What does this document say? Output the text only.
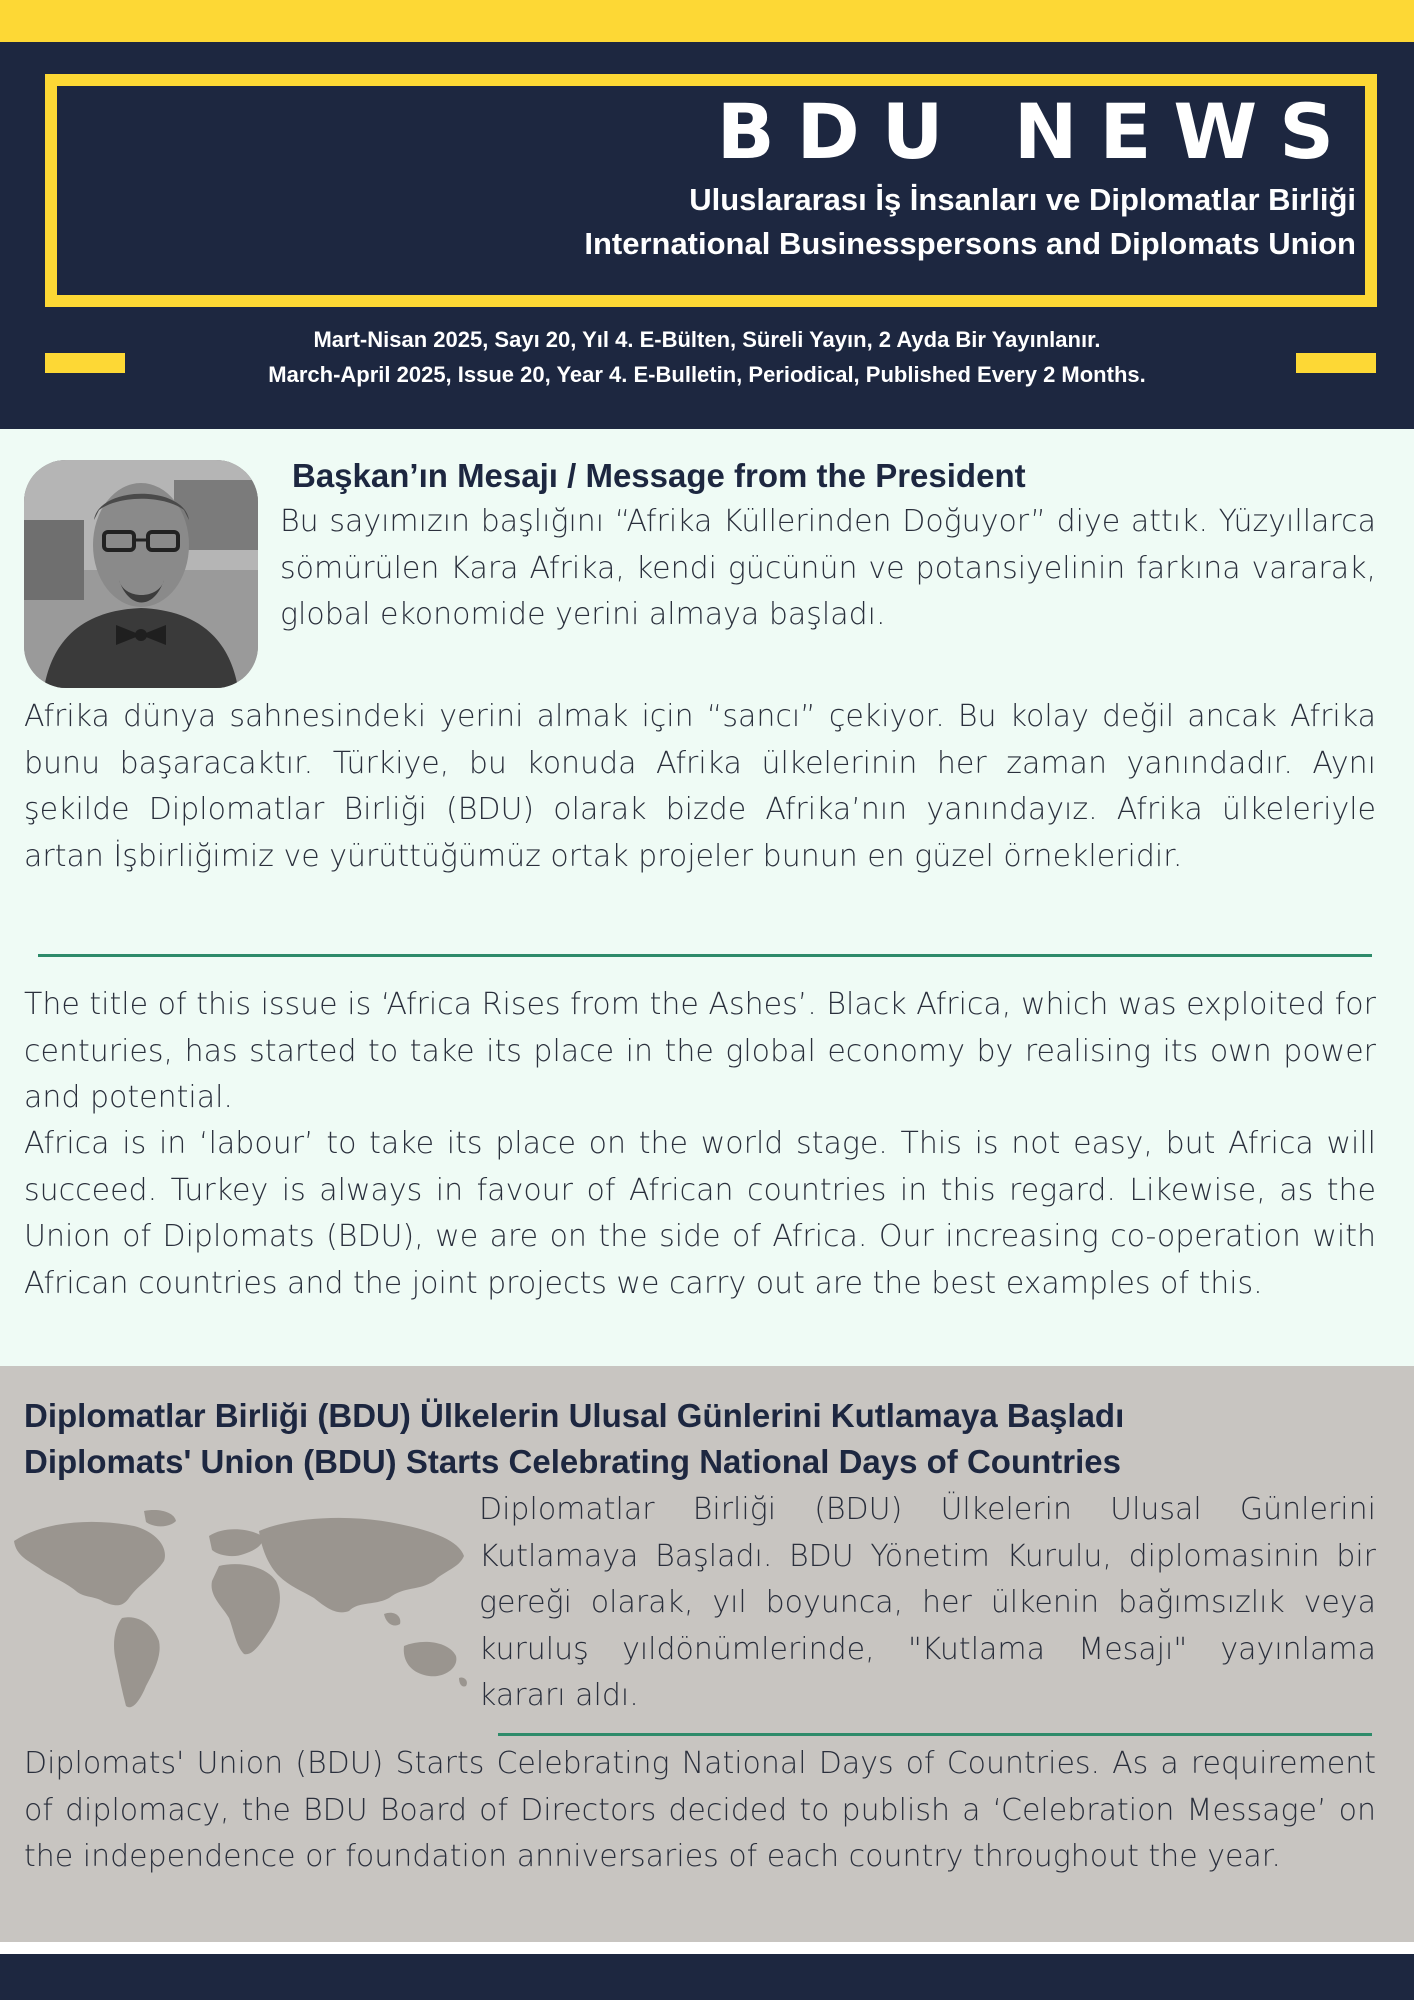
BDU NEWS
Uluslararası İş İnsanları ve Diplomatlar Birliği
International Businesspersons and Diplomats Union
Mart-Nisan 2025, Sayı 20, Yıl 4. E-Bülten, Süreli Yayın, 2 Ayda Bir Yayınlanır.
March-April 2025, Issue 20, Year 4. E-Bulletin, Periodical, Published Every 2 Months.
Başkan’ın Mesajı / Message from the President

Bu sayımızın başlığını “Afrika Küllerinden Doğuyor” diye attık. Yüzyıllarca sömürülen Kara Afrika, kendi gücünün ve potansiyelinin farkına vararak, global ekonomide yerini almaya başladı.

Afrika dünya sahnesindeki yerini almak için “sancı” çekiyor. Bu kolay değil ancak Afrika bunu başaracaktır. Türkiye, bu konuda Afrika ülkelerinin her zaman yanındadır. Aynı şekilde Diplomatlar Birliği (BDU) olarak bizde Afrika’nın yanındayız. Afrika ülkeleriyle artan İşbirliğimiz ve yürüttüğümüz ortak projeler bunun en güzel örnekleridir.

The title of this issue is ‘Africa Rises from the Ashes’. Black Africa, which was exploited for centuries, has started to take its place in the global economy by realising its own power and potential.

Africa is in ‘labour’ to take its place on the world stage. This is not easy, but Africa will succeed. Turkey is always in favour of African countries in this regard. Likewise, as the Union of Diplomats (BDU), we are on the side of Africa. Our increasing co-operation with African countries and the joint projects we carry out are the best examples of this.

Diplomatlar Birliği (BDU) Ülkelerin Ulusal Günlerini Kutlamaya Başladı
Diplomats' Union (BDU) Starts Celebrating National Days of Countries

Diplomatlar Birliği (BDU) Ülkelerin Ulusal Günlerini Kutlamaya Başladı. BDU Yönetim Kurulu, diplomasinin bir gereği olarak, yıl boyunca, her ülkenin bağımsızlık veya kuruluş yıldönümlerinde, "Kutlama Mesajı" yayınlama kararı aldı.

Diplomats' Union (BDU) Starts Celebrating National Days of Countries. As a requirement of diplomacy, the BDU Board of Directors decided to publish a ‘Celebration Message’ on the independence or foundation anniversaries of each country throughout the year.
